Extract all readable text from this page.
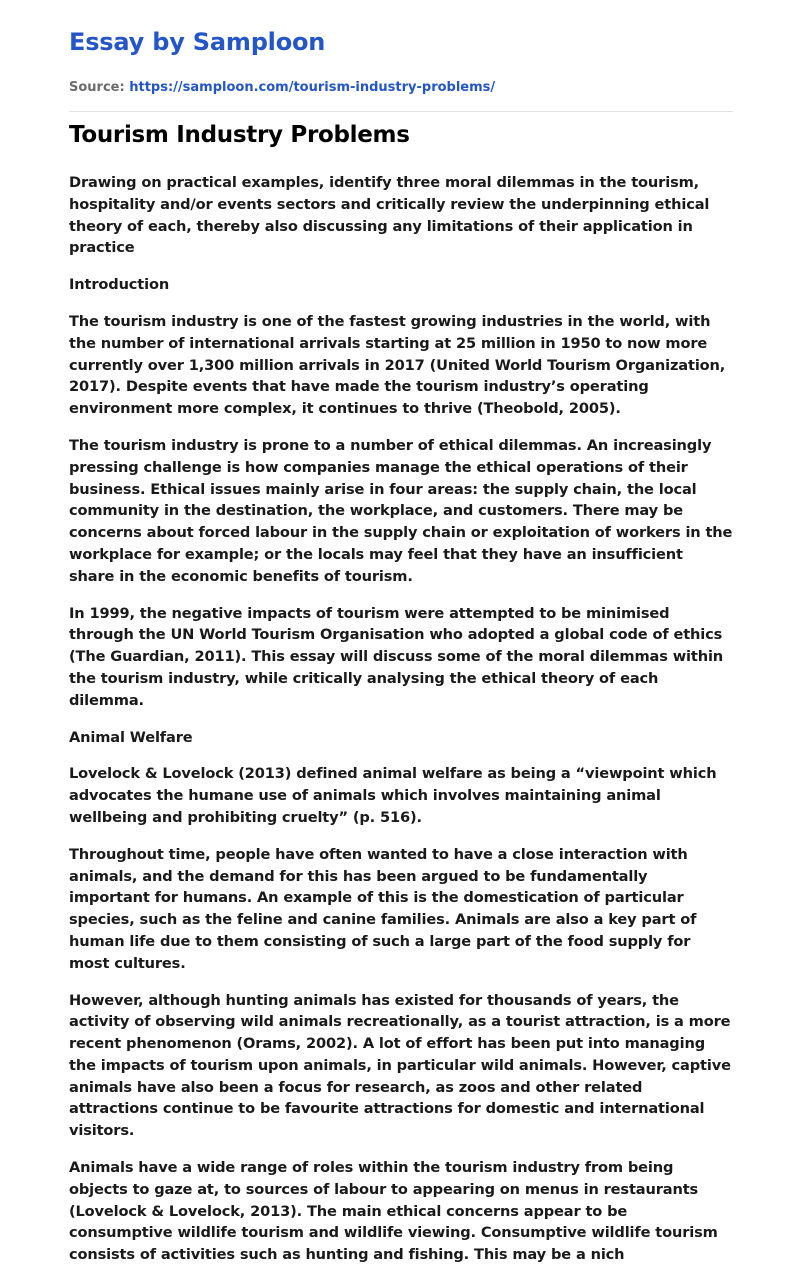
Essay by Samploon
Source: https://samploon.com/tourism-industry-problems/
Tourism Industry Problems

Drawing on practical examples, identify three moral dilemmas in the tourism, hospitality and/or events sectors and critically review the underpinning ethical theory of each, thereby also discussing any limitations of their application in practice

Introduction

The tourism industry is one of the fastest growing industries in the world, with the number of international arrivals starting at 25 million in 1950 to now more currently over 1,300 million arrivals in 2017 (United World Tourism Organization, 2017). Despite events that have made the tourism industry’s operating environment more complex, it continues to thrive (Theobold, 2005).

The tourism industry is prone to a number of ethical dilemmas. An increasingly pressing challenge is how companies manage the ethical operations of their business. Ethical issues mainly arise in four areas: the supply chain, the local community in the destination, the workplace, and customers. There may be concerns about forced labour in the supply chain or exploitation of workers in the workplace for example; or the locals may feel that they have an insufficient share in the economic benefits of tourism.

In 1999, the negative impacts of tourism were attempted to be minimised through the UN World Tourism Organisation who adopted a global code of ethics (The Guardian, 2011). This essay will discuss some of the moral dilemmas within the tourism industry, while critically analysing the ethical theory of each dilemma.

Animal Welfare

Lovelock & Lovelock (2013) defined animal welfare as being a “viewpoint which advocates the humane use of animals which involves maintaining animal wellbeing and prohibiting cruelty” (p. 516).

Throughout time, people have often wanted to have a close interaction with animals, and the demand for this has been argued to be fundamentally important for humans. An example of this is the domestication of particular species, such as the feline and canine families. Animals are also a key part of human life due to them consisting of such a large part of the food supply for most cultures.

However, although hunting animals has existed for thousands of years, the activity of observing wild animals recreationally, as a tourist attraction, is a more recent phenomenon (Orams, 2002). A lot of effort has been put into managing the impacts of tourism upon animals, in particular wild animals. However, captive animals have also been a focus for research, as zoos and other related attractions continue to be favourite attractions for domestic and international visitors.

Animals have a wide range of roles within the tourism industry from being objects to gaze at, to sources of labour to appearing on menus in restaurants (Lovelock & Lovelock, 2013). The main ethical concerns appear to be consumptive wildlife tourism and wildlife viewing. Consumptive wildlife tourism consists of activities such as hunting and fishing. This may be a nich
